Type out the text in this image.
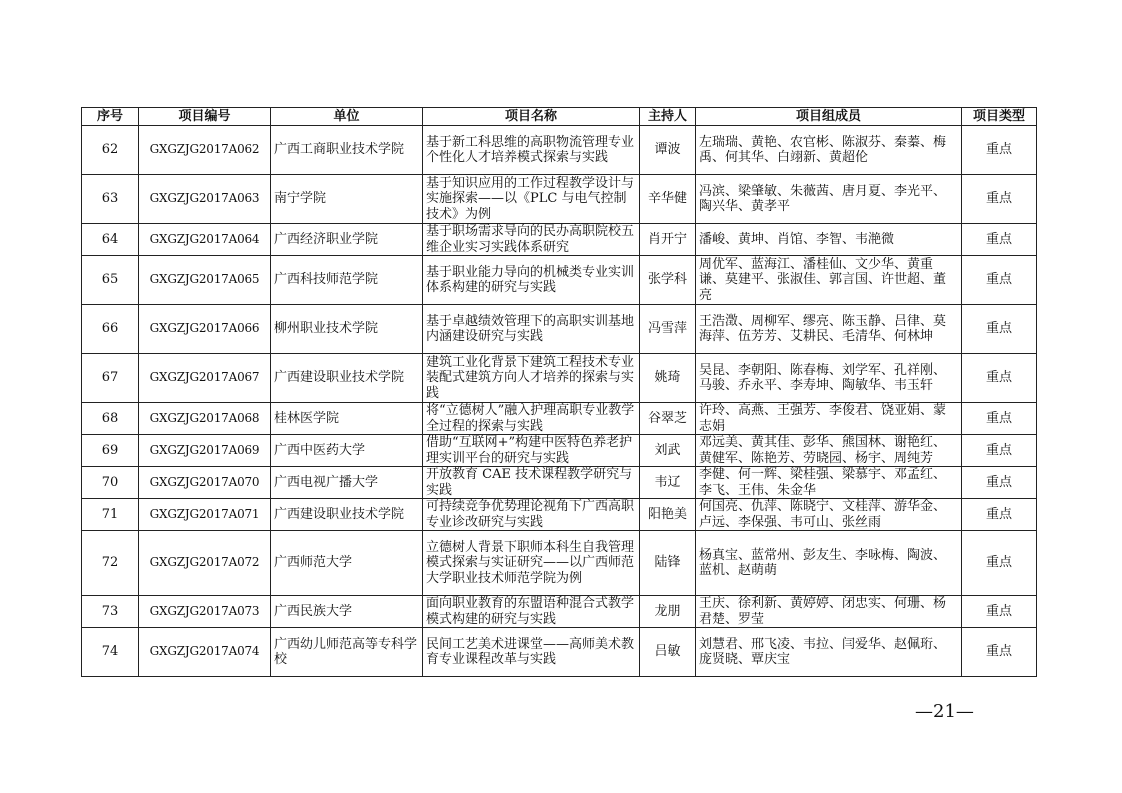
序号	项目编号	单位	项目名称	主持人	项目组成员	项目类型
62	GXGZJG2017A062	广西工商职业技术学院	基于新工科思维的高职物流管理专业个性化人才培养模式探索与实践	谭波	左瑞瑞、黄艳、农官彬、陈淑芬、秦蓁、梅禹、何其华、白翊新、黄超伦	重点
63	GXGZJG2017A063	南宁学院	基于知识应用的工作过程教学设计与实施探索——以《PLC 与电气控制技术》为例	辛华健	冯滨、梁肇敏、朱薇茜、唐月夏、李光平、陶兴华、黄孝平	重点
64	GXGZJG2017A064	广西经济职业学院	基于职场需求导向的民办高职院校五维企业实习实践体系研究	肖开宁	潘峻、黄坤、肖馆、李智、韦滟微	重点
65	GXGZJG2017A065	广西科技师范学院	基于职业能力导向的机械类专业实训体系构建的研究与实践	张学科	周优军、蓝海江、潘桂仙、文少华、黄重谦、莫建平、张淑佳、郭言国、许世超、董亮	重点
66	GXGZJG2017A066	柳州职业技术学院	基于卓越绩效管理下的高职实训基地内涵建设研究与实践	冯雪萍	王浩澂、周柳军、缪亮、陈玉静、吕律、莫海萍、伍芳芳、艾耕民、毛清华、何林坤	重点
67	GXGZJG2017A067	广西建设职业技术学院	建筑工业化背景下建筑工程技术专业装配式建筑方向人才培养的探索与实践	姚琦	吴昆、李朝阳、陈春梅、刘学军、孔祥刚、马骏、乔永平、李寿坤、陶敏华、韦玉轩	重点
68	GXGZJG2017A068	桂林医学院	将“立德树人”融入护理高职专业教学全过程的探索与实践	谷翠芝	许玲、高燕、王强芳、李俊君、饶亚娟、蒙志娟	重点
69	GXGZJG2017A069	广西中医药大学	借助“互联网+”构建中医特色养老护理实训平台的研究与实践	刘武	邓远美、黄其佳、彭华、熊国林、谢艳红、黄健军、陈艳芳、劳晓园、杨宇、周纯芳	重点
70	GXGZJG2017A070	广西电视广播大学	开放教育 CAE 技术课程教学研究与实践	韦辽	李健、何一辉、梁桂强、梁慕宇、邓孟红、李飞、王伟、朱金华	重点
71	GXGZJG2017A071	广西建设职业技术学院	可持续竞争优势理论视角下广西高职专业诊改研究与实践	阳艳美	何国亮、仇萍、陈晓宁、文桂萍、游华金、卢远、李保强、韦可山、张丝雨	重点
72	GXGZJG2017A072	广西师范大学	立德树人背景下职师本科生自我管理模式探索与实证研究——以广西师范大学职业技术师范学院为例	陆锋	杨真宝、蓝常州、彭友生、李咏梅、陶波、蓝机、赵萌萌	重点
73	GXGZJG2017A073	广西民族大学	面向职业教育的东盟语种混合式教学模式构建的研究与实践	龙朋	王庆、徐利新、黄婷婷、闭忠实、何珊、杨君楚、罗莹	重点
74	GXGZJG2017A074	广西幼儿师范高等专科学校	民间工艺美术进课堂——高师美术教育专业课程改革与实践	吕敏	刘慧君、邢飞凌、韦拉、闫爱华、赵佩珩、庞贤晓、覃庆宝	重点
—21—
